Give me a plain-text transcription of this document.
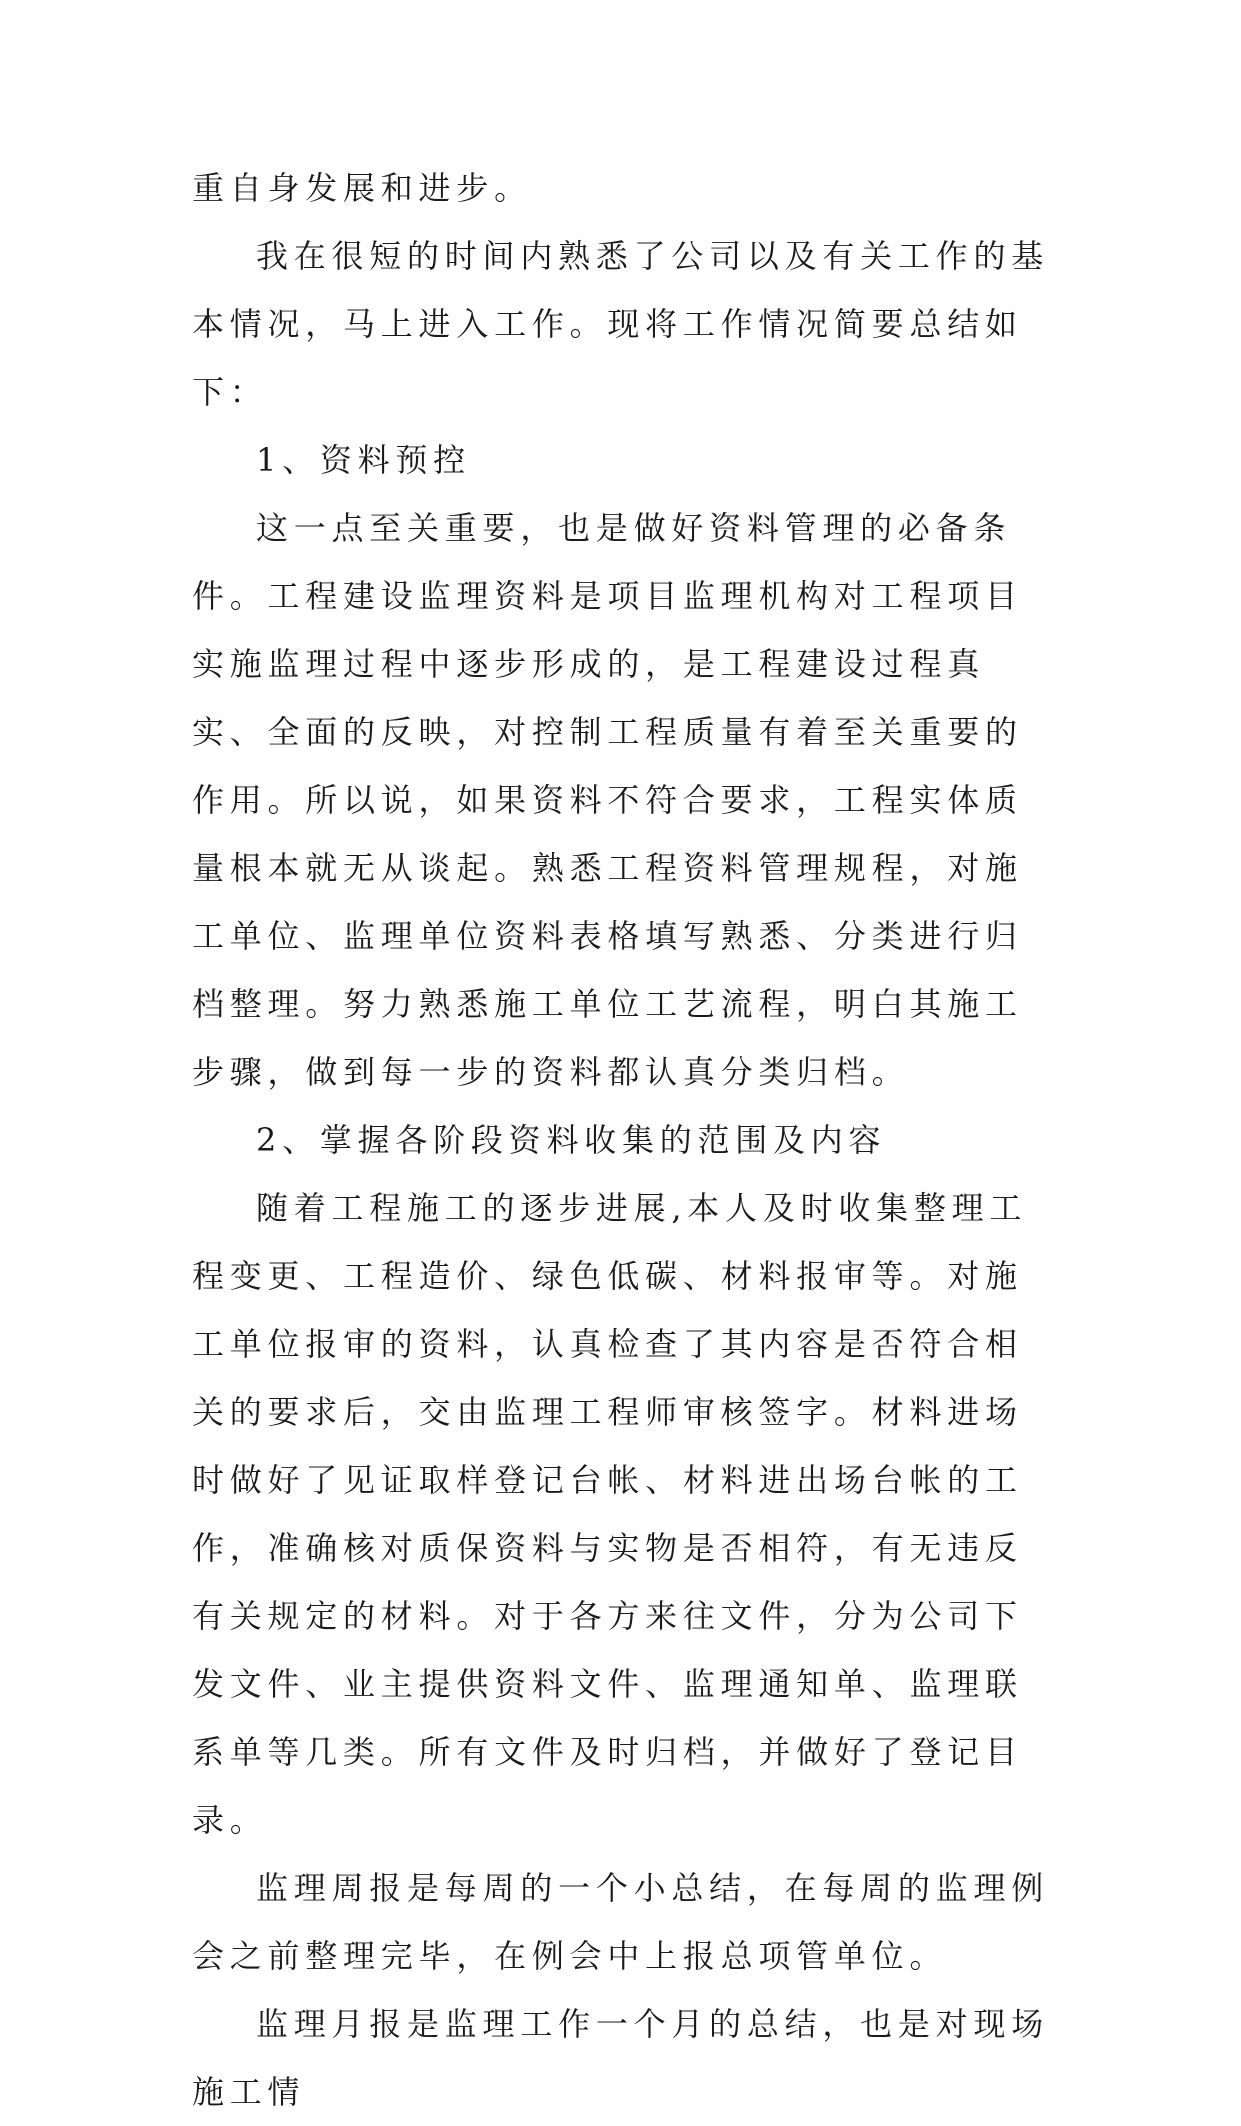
重自身发展和进步。

我在很短的时间内熟悉了公司以及有关工作的基本情况，马上进入工作。现将工作情况简要总结如下：

1、资料预控

这一点至关重要，也是做好资料管理的必备条件。工程建设监理资料是项目监理机构对工程项目实施监理过程中逐步形成的，是工程建设过程真实、全面的反映，对控制工程质量有着至关重要的作用。所以说，如果资料不符合要求，工程实体质量根本就无从谈起。熟悉工程资料管理规程，对施工单位、监理单位资料表格填写熟悉、分类进行归档整理。努力熟悉施工单位工艺流程，明白其施工步骤，做到每一步的资料都认真分类归档。

2、掌握各阶段资料收集的范围及内容

随着工程施工的逐步进展,本人及时收集整理工程变更、工程造价、绿色低碳、材料报审等。对施工单位报审的资料，认真检查了其内容是否符合相关的要求后，交由监理工程师审核签字。材料进场时做好了见证取样登记台帐、材料进出场台帐的工作，准确核对质保资料与实物是否相符，有无违反有关规定的材料。对于各方来往文件，分为公司下发文件、业主提供资料文件、监理通知单、监理联系单等几类。所有文件及时归档，并做好了登记目录。

监理周报是每周的一个小总结，在每周的监理例会之前整理完毕，在例会中上报总项管单位。

监理月报是监理工作一个月的总结，也是对现场施工情
